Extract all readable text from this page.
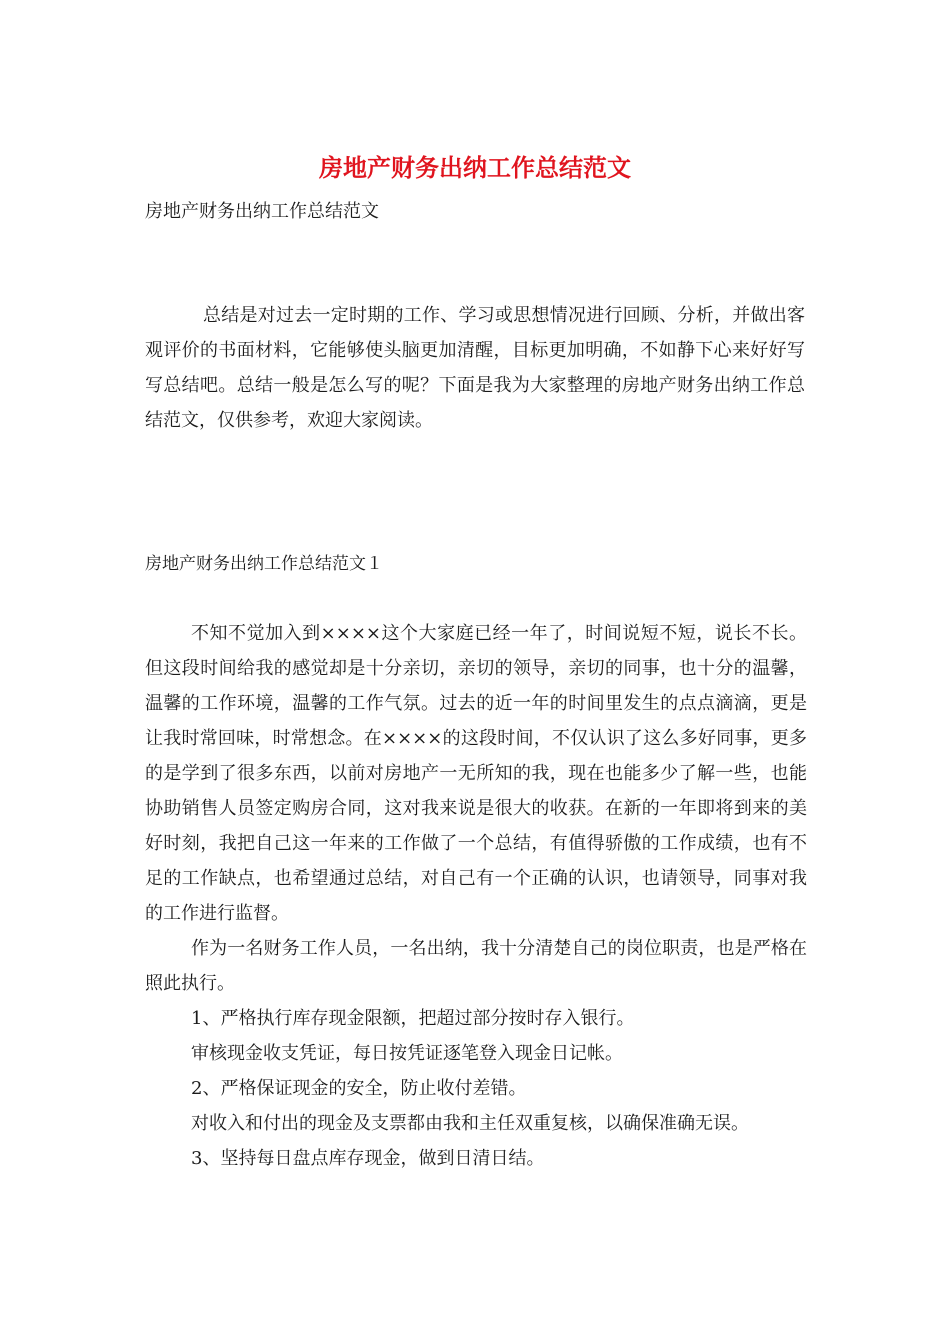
房地产财务出纳工作总结范文

房地产财务出纳工作总结范文

总结是对过去一定时期的工作、学习或思想情况进行回顾、分析，并做出客观评价的书面材料，它能够使头脑更加清醒，目标更加明确，不如静下心来好好写写总结吧。总结一般是怎么写的呢？下面是我为大家整理的房地产财务出纳工作总结范文，仅供参考，欢迎大家阅读。

房地产财务出纳工作总结范文１

不知不觉加入到××××这个大家庭已经一年了，时间说短不短，说长不长。但这段时间给我的感觉却是十分亲切，亲切的领导，亲切的同事，也十分的温馨，温馨的工作环境，温馨的工作气氛。过去的近一年的时间里发生的点点滴滴，更是让我时常回味，时常想念。在××××的这段时间，不仅认识了这么多好同事，更多的是学到了很多东西，以前对房地产一无所知的我，现在也能多少了解一些，也能协助销售人员签定购房合同，这对我来说是很大的收获。在新的一年即将到来的美好时刻，我把自己这一年来的工作做了一个总结，有值得骄傲的工作成绩，也有不足的工作缺点，也希望通过总结，对自己有一个正确的认识，也请领导，同事对我的工作进行监督。

作为一名财务工作人员，一名出纳，我十分清楚自己的岗位职责，也是严格在照此执行。

1、严格执行库存现金限额，把超过部分按时存入银行。

审核现金收支凭证，每日按凭证逐笔登入现金日记帐。

2、严格保证现金的安全，防止收付差错。

对收入和付出的现金及支票都由我和主任双重复核，以确保准确无误。

3、坚持每日盘点库存现金，做到日清日结。
